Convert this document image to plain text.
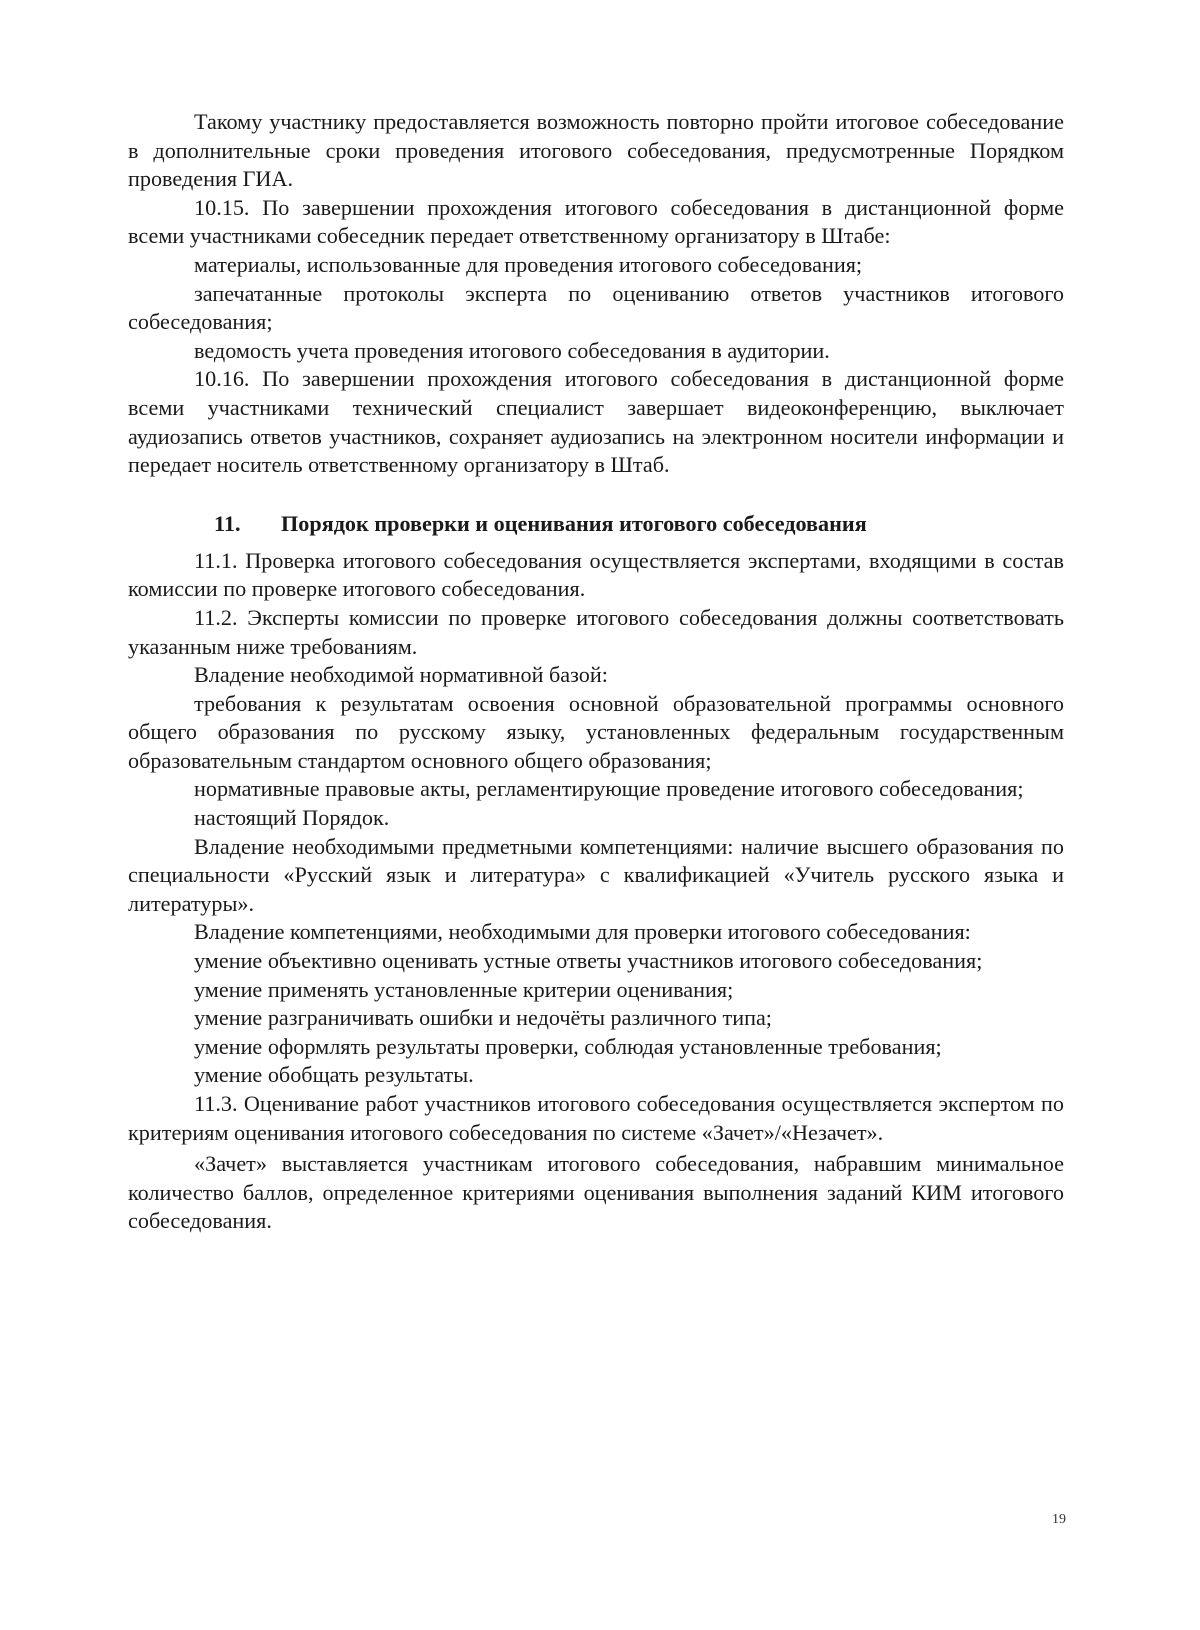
Такому участнику предоставляется возможность повторно пройти итоговое собеседование в дополнительные сроки проведения итогового собеседования, предусмотренные Порядком проведения ГИА.

10.15. По завершении прохождения итогового собеседования в дистанционной форме всеми участниками собеседник передает ответственному организатору в Штабе:

материалы, использованные для проведения итогового собеседования;

запечатанные протоколы эксперта по оцениванию ответов участников итогового собеседования;

ведомость учета проведения итогового собеседования в аудитории.

10.16. По завершении прохождения итогового собеседования в дистанционной форме всеми участниками технический специалист завершает видеоконференцию, выключает аудиозапись ответов участников, сохраняет аудиозапись на электронном носители информации и передает носитель ответственному организатору в Штаб.

11.	Порядок проверки и оценивания итогового собеседования

11.1. Проверка итогового собеседования осуществляется экспертами, входящими в состав комиссии по проверке итогового собеседования.

11.2. Эксперты комиссии по проверке итогового собеседования должны соответствовать указанным ниже требованиям.

Владение необходимой нормативной базой:

требования к результатам освоения основной образовательной программы основного общего образования по русскому языку, установленных федеральным государственным образовательным стандартом основного общего образования;

нормативные правовые акты, регламентирующие проведение итогового собеседования;

настоящий Порядок.

Владение необходимыми предметными компетенциями: наличие высшего образования по специальности «Русский язык и литература» с квалификацией «Учитель русского языка и литературы».

Владение компетенциями, необходимыми для проверки итогового собеседования:

умение объективно оценивать устные ответы участников итогового собеседования;

умение применять установленные критерии оценивания;

умение разграничивать ошибки и недочёты различного типа;

умение оформлять результаты проверки, соблюдая установленные требования;

умение обобщать результаты.

11.3. Оценивание работ участников итогового собеседования осуществляется экспертом по критериям оценивания итогового собеседования по системе «Зачет»/«Незачет».

«Зачет» выставляется участникам итогового собеседования, набравшим минимальное количество баллов, определенное критериями оценивания выполнения заданий КИМ итогового собеседования.

19
